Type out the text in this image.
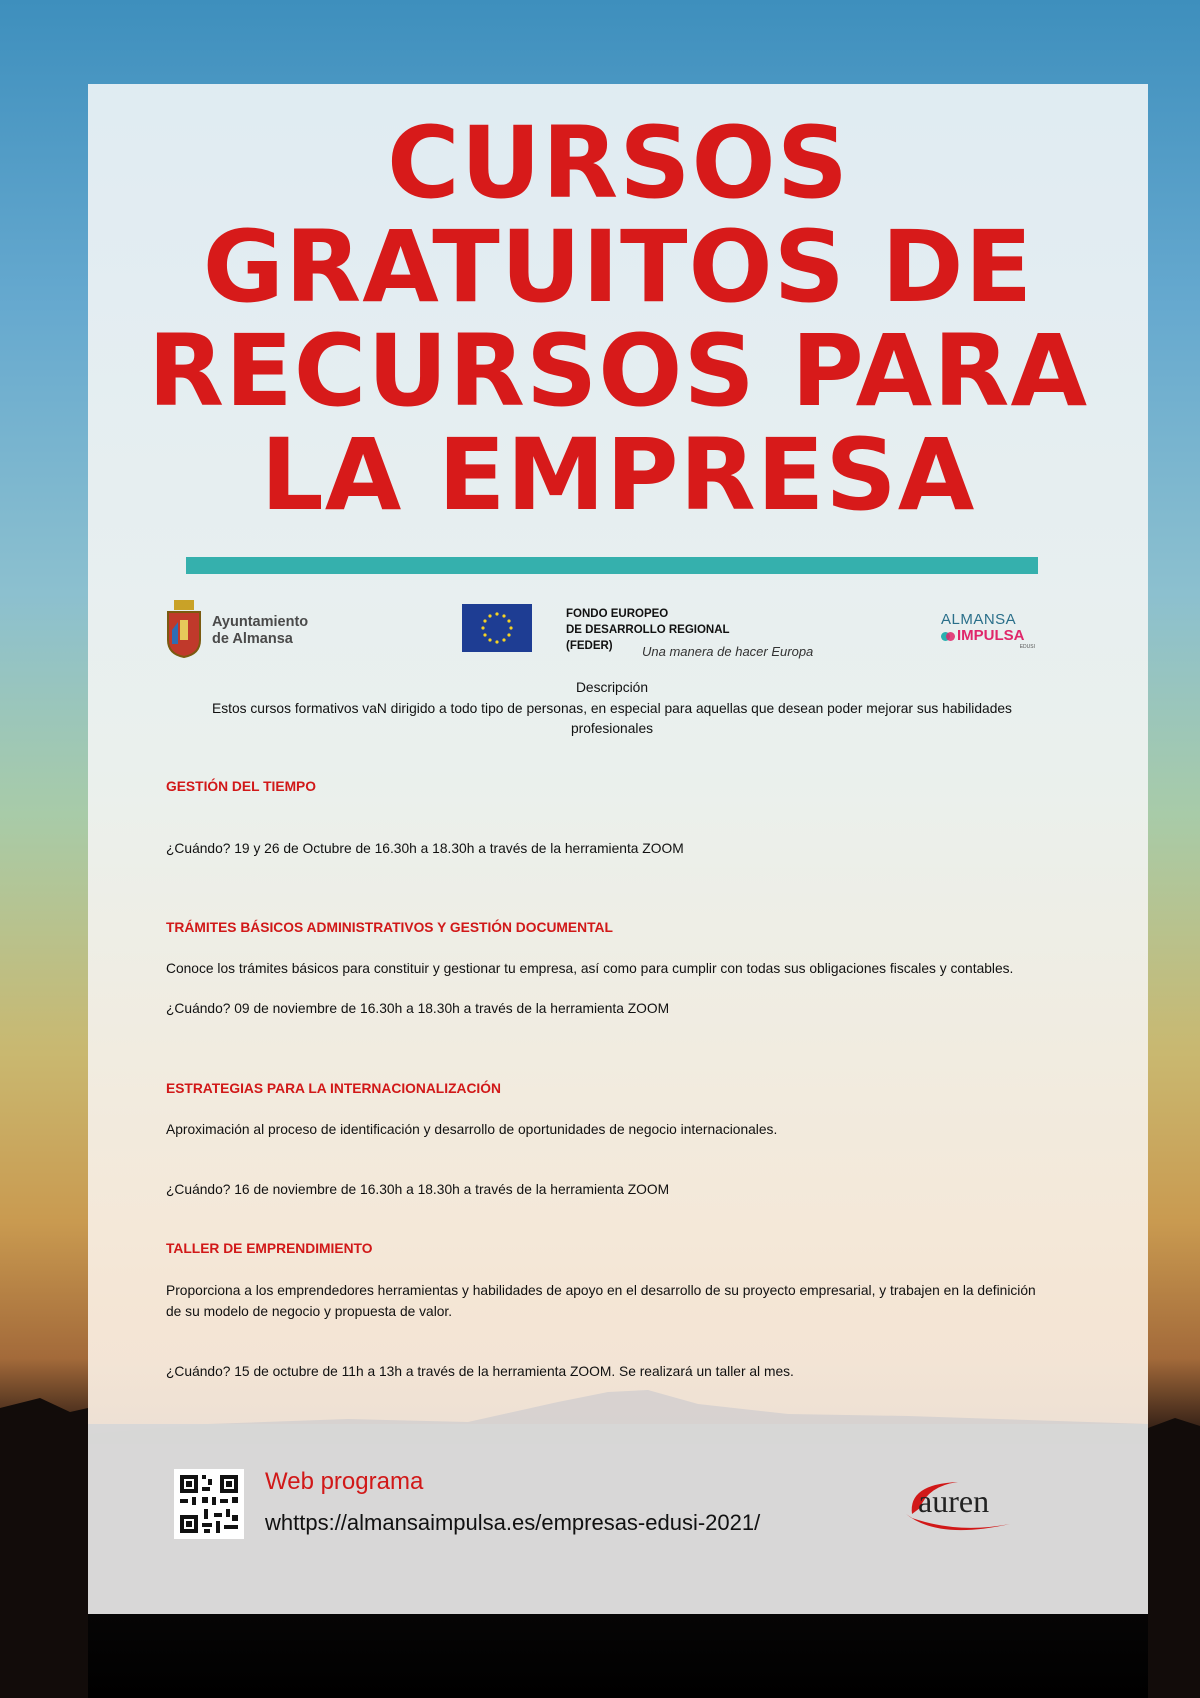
CURSOS
GRATUITOS DE
RECURSOS PARA
LA EMPRESA
Ayuntamiento
de Almansa
FONDO EUROPEO
DE DESARROLLO REGIONAL
(FEDER)	Una manera de hacer Europa
ALMANSA
IMPULSA
EDUSI
Descripción
Estos cursos formativos vaN dirigido a todo tipo de personas, en especial para aquellas que desean poder mejorar sus habilidades profesionales
GESTIÓN DEL TIEMPO
¿Cuándo? 19 y 26 de Octubre de 16.30h a 18.30h a través de la herramienta ZOOM
TRÁMITES BÁSICOS ADMINISTRATIVOS Y GESTIÓN DOCUMENTAL
Conoce los trámites básicos para constituir y gestionar tu empresa, así como para cumplir con todas sus obligaciones fiscales y contables.
¿Cuándo? 09 de noviembre de 16.30h a 18.30h a través de la herramienta ZOOM
ESTRATEGIAS PARA LA INTERNACIONALIZACIÓN
Aproximación al proceso de identificación y desarrollo de oportunidades de negocio internacionales.
¿Cuándo? 16 de noviembre de 16.30h a 18.30h a través de la herramienta ZOOM
TALLER DE EMPRENDIMIENTO
Proporciona a los emprendedores herramientas y habilidades de apoyo en el desarrollo de su proyecto empresarial, y trabajen en la definición de su modelo de negocio y propuesta de valor.
¿Cuándo? 15 de octubre de 11h a 13h a través de la herramienta ZOOM. Se realizará un taller al mes.
Web programa
whttps://almansaimpulsa.es/empresas-edusi-2021/
auren
